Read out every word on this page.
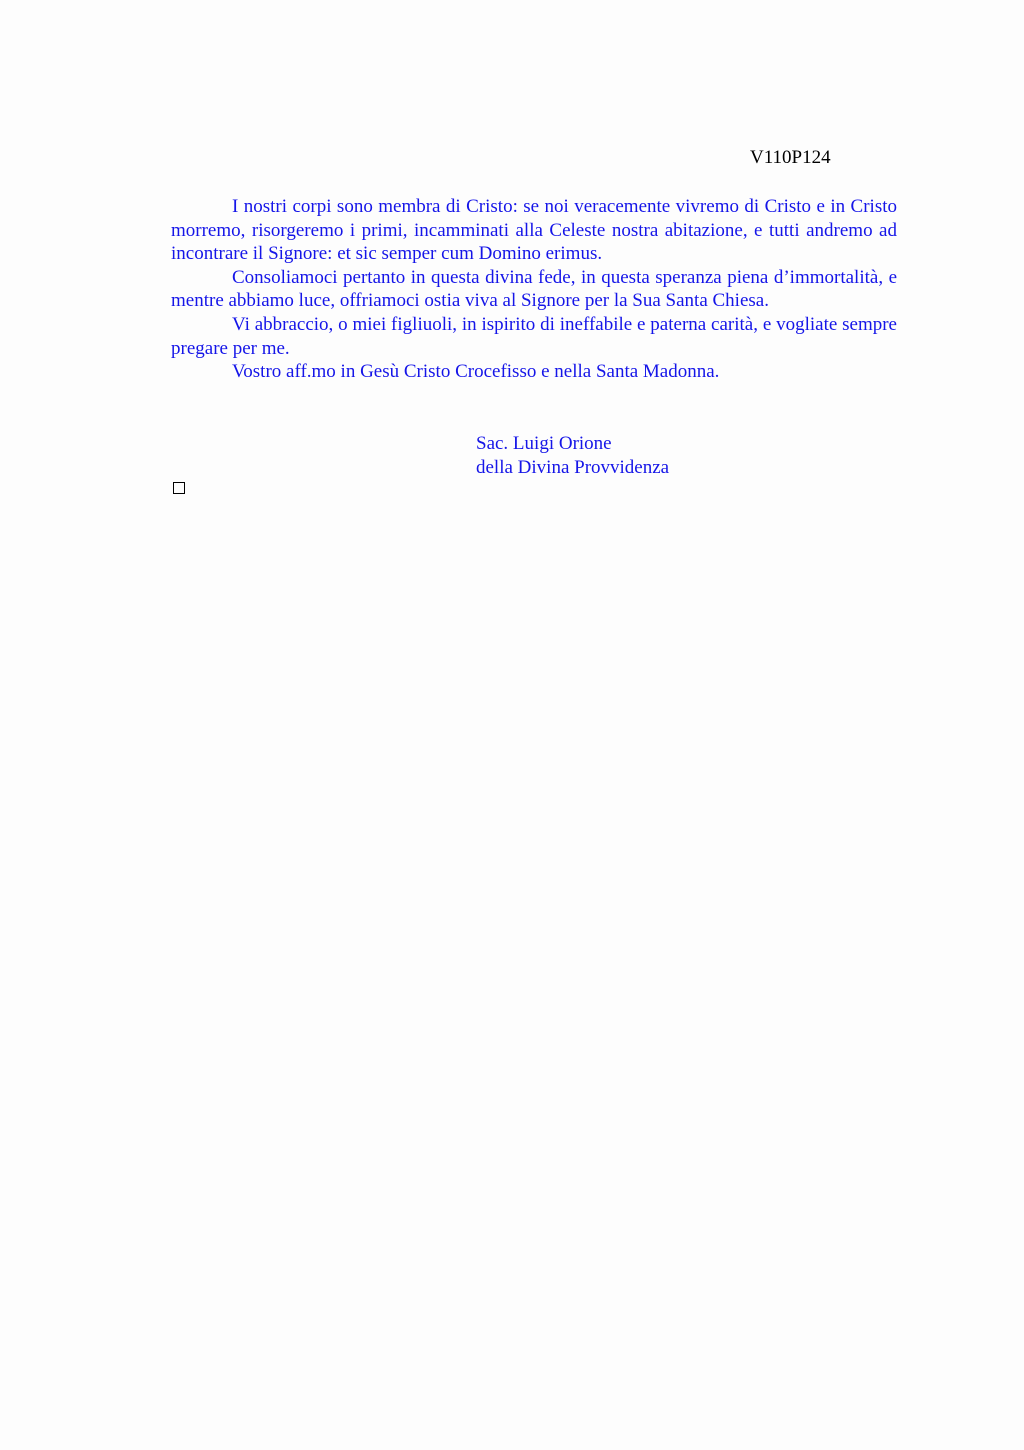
V110P124

I nostri corpi sono membra di Cristo: se noi veracemente vivremo di Cristo e in Cristo morremo, risorgeremo i primi, incamminati alla Celeste nostra abitazione, e tutti andremo ad incontrare il Signore: et sic semper cum Domino erimus.

Consoliamoci pertanto in questa divina fede, in questa speranza piena d’immortalità, e mentre abbiamo luce, offriamoci ostia viva al Signore per la Sua Santa Chiesa.

Vi abbraccio, o miei figliuoli, in ispirito di ineffabile e paterna carità, e vogliate sempre pregare per me.

Vostro aff.mo in Gesù Cristo Crocefisso e nella Santa Madonna.

Sac. Luigi Orione
della Divina Provvidenza
